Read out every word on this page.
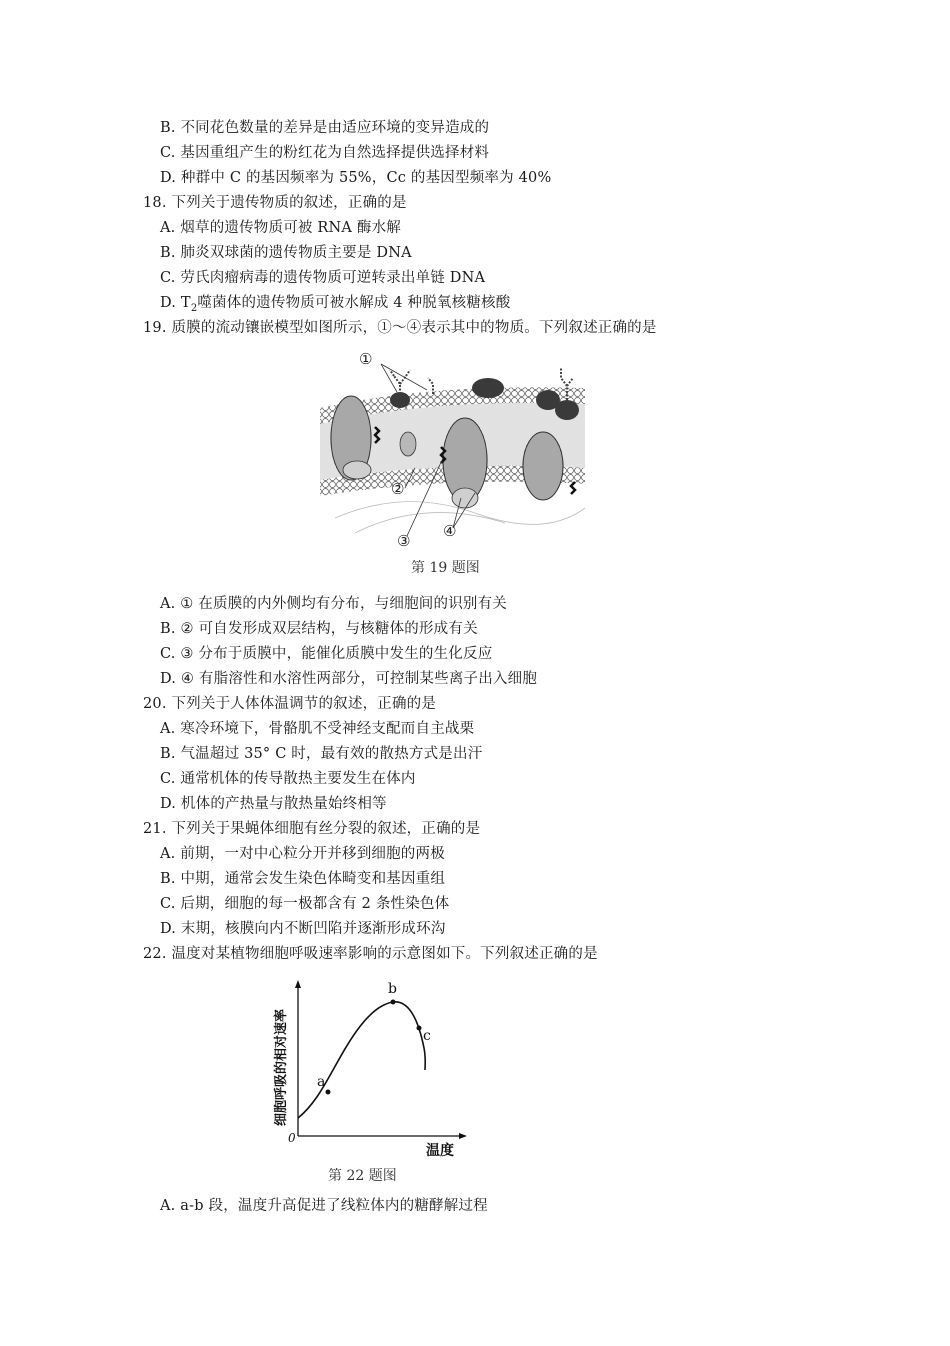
B. 不同花色数量的差异是由适应环境的变异造成的
C. 基因重组产生的粉红花为自然选择提供选择材料
D. 种群中 C 的基因频率为 55%，Cc 的基因型频率为 40%
18. 下列关于遗传物质的叙述，正确的是
A. 烟草的遗传物质可被 RNA 酶水解
B. 肺炎双球菌的遗传物质主要是 DNA
C. 劳氏肉瘤病毒的遗传物质可逆转录出单链 DNA
D. $T_2$噬菌体的遗传物质可被水解成 4 种脱氧核糖核酸
19. 质膜的流动镶嵌模型如图所示，①～④表示其中的物质。下列叙述正确的是
①
②
③
④
第 19 题图
A. ① 在质膜的内外侧均有分布，与细胞间的识别有关
B. ② 可自发形成双层结构，与核糖体的形成有关
C. ③ 分布于质膜中，能催化质膜中发生的生化反应
D. ④ 有脂溶性和水溶性两部分，可控制某些离子出入细胞
20. 下列关于人体体温调节的叙述，正确的是
A. 寒冷环境下，骨骼肌不受神经支配而自主战栗
B. 气温超过 35° C 时，最有效的散热方式是出汗
C. 通常机体的传导散热主要发生在体内
D. 机体的产热量与散热量始终相等
21. 下列关于果蝇体细胞有丝分裂的叙述，正确的是
A. 前期，一对中心粒分开并移到细胞的两极
B. 中期，通常会发生染色体畸变和基因重组
C. 后期，细胞的每一极都含有 2 条性染色体
D. 末期，核膜向内不断凹陷并逐渐形成环沟
22. 温度对某植物细胞呼吸速率影响的示意图如下。下列叙述正确的是
a
b
c
0
温度
细胞呼吸的相对速率
第 22 题图
A. a-b 段，温度升高促进了线粒体内的糖酵解过程
